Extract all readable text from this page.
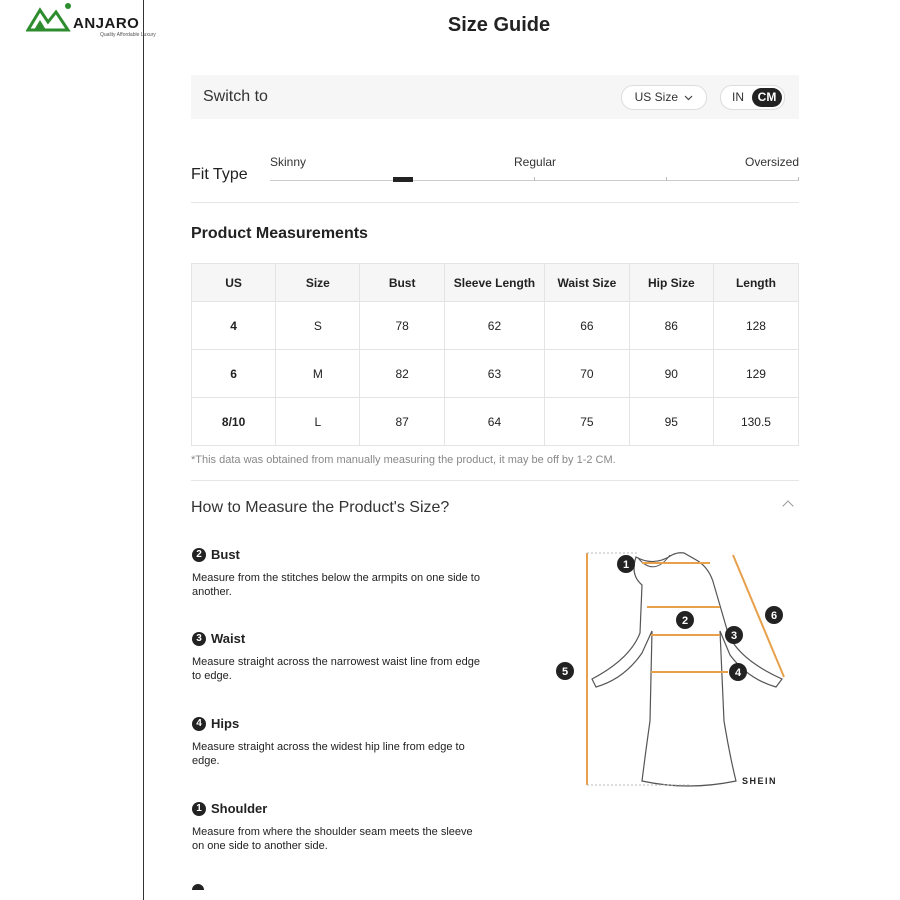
ANJARO
Quality Affordable Luxury	Size Guide
Switch to	US Size	IN	CM
Fit Type
Skinny	Regular	Oversized
Product Measurements
US	Size	Bust	Sleeve Length	Waist Size	Hip Size	Length
4	S	78	62	66	86	128
6	M	82	63	70	90	129
8/10	L	87	64	75	95	130.5
*This data was obtained from manually measuring the product, it may be off by 1-2 CM.
How to Measure the Product's Size?
2 Bust
Measure from the stitches below the armpits on one side to another.
3 Waist
Measure straight across the narrowest waist line from edge to edge.
4 Hips
Measure straight across the widest hip line from edge to edge.
1 Shoulder
Measure from where the shoulder seam meets the sleeve on one side to another side.
1
2
3
4
5
6
SHEIN
